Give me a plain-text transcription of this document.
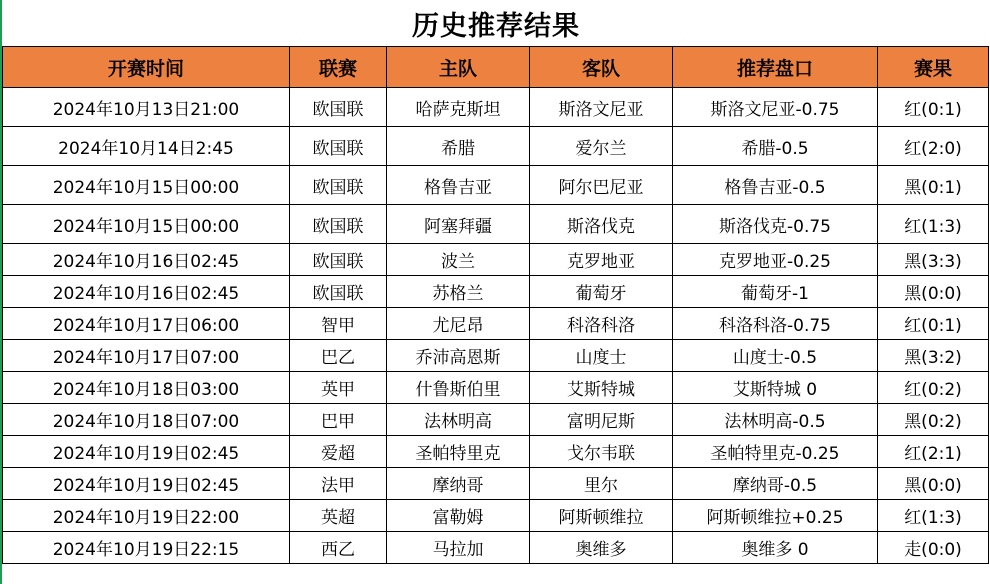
历史推荐结果
开赛时间	联赛	主队	客队	推荐盘口	赛果
2024年10月13日21:00	欧国联	哈萨克斯坦	斯洛文尼亚	斯洛文尼亚-0.75	红(0:1)
2024年10月14日2:45	欧国联	希腊	爱尔兰	希腊-0.5	红(2:0)
2024年10月15日00:00	欧国联	格鲁吉亚	阿尔巴尼亚	格鲁吉亚-0.5	黑(0:1)
2024年10月15日00:00	欧国联	阿塞拜疆	斯洛伐克	斯洛伐克-0.75	红(1:3)
2024年10月16日02:45	欧国联	波兰	克罗地亚	克罗地亚-0.25	黑(3:3)
2024年10月16日02:45	欧国联	苏格兰	葡萄牙	葡萄牙-1	黑(0:0)
2024年10月17日06:00	智甲	尤尼昂	科洛科洛	科洛科洛-0.75	红(0:1)
2024年10月17日07:00	巴乙	乔沛高恩斯	山度士	山度士-0.5	黑(3:2)
2024年10月18日03:00	英甲	什鲁斯伯里	艾斯特城	艾斯特城 0	红(0:2)
2024年10月18日07:00	巴甲	法林明高	富明尼斯	法林明高-0.5	黑(0:2)
2024年10月19日02:45	爱超	圣帕特里克	戈尔韦联	圣帕特里克-0.25	红(2:1)
2024年10月19日02:45	法甲	摩纳哥	里尔	摩纳哥-0.5	黑(0:0)
2024年10月19日22:00	英超	富勒姆	阿斯顿维拉	阿斯顿维拉+0.25	红(1:3)
2024年10月19日22:15	西乙	马拉加	奥维多	奥维多 0	走(0:0)
